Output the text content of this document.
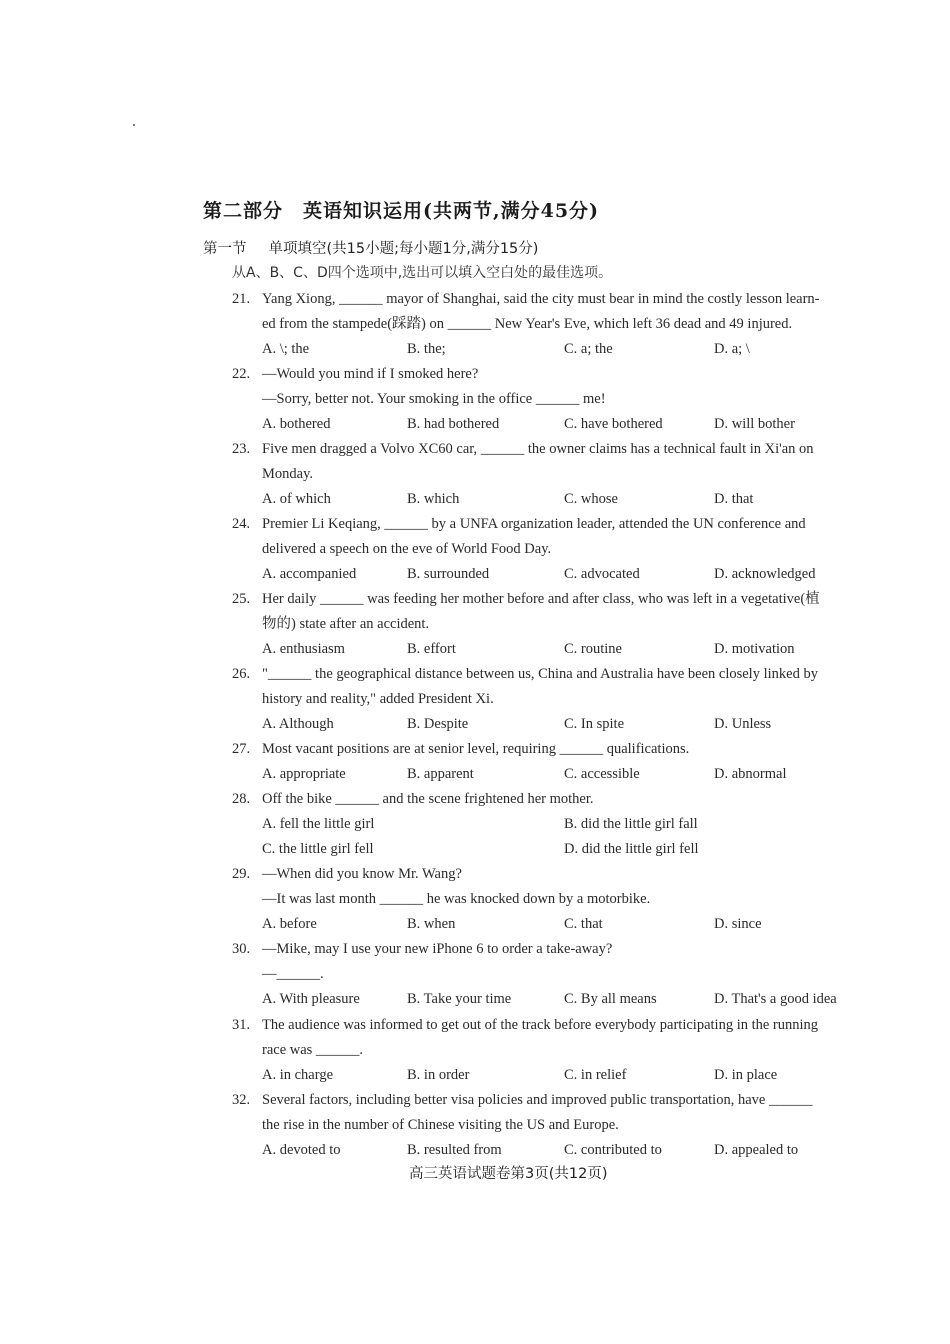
第二部分　英语知识运用(共两节,满分45分)
第一节 单项填空(共15小题;每小题1分,满分15分)
从A、B、C、D四个选项中,选出可以填入空白处的最佳选项。
21. Yang Xiong, ______ mayor of Shanghai, said the city must bear in mind the costly lesson learn-
ed from the stampede(踩踏) on ______ New Year's Eve, which left 36 dead and 49 injured.
A. \; the	B. the;	C. a; the	D. a; \
22. —Would you mind if I smoked here?
—Sorry, better not. Your smoking in the office ______ me!
A. bothered	B. had bothered	C. have bothered	D. will bother
23. Five men dragged a Volvo XC60 car, ______ the owner claims has a technical fault in Xi'an on
Monday.
A. of which	B. which	C. whose	D. that
24. Premier Li Keqiang, ______ by a UNFA organization leader, attended the UN conference and
delivered a speech on the eve of World Food Day.
A. accompanied	B. surrounded	C. advocated	D. acknowledged
25. Her daily ______ was feeding her mother before and after class, who was left in a vegetative(植
物的) state after an accident.
A. enthusiasm	B. effort	C. routine	D. motivation
26. "______ the geographical distance between us, China and Australia have been closely linked by
history and reality," added President Xi.
A. Although	B. Despite	C. In spite	D. Unless
27. Most vacant positions are at senior level, requiring ______ qualifications.
A. appropriate	B. apparent	C. accessible	D. abnormal
28. Off the bike ______ and the scene frightened her mother.
A. fell the little girl	B. did the little girl fall
C. the little girl fell	D. did the little girl fell
29. —When did you know Mr. Wang?
—It was last month ______ he was knocked down by a motorbike.
A. before	B. when	C. that	D. since
30. —Mike, may I use your new iPhone 6 to order a take-away?
—______.
A. With pleasure	B. Take your time	C. By all means	D. That's a good idea
31. The audience was informed to get out of the track before everybody participating in the running
race was ______.
A. in charge	B. in order	C. in relief	D. in place
32. Several factors, including better visa policies and improved public transportation, have ______
the rise in the number of Chinese visiting the US and Europe.
A. devoted to	B. resulted from	C. contributed to	D. appealed to
高三英语试题卷第3页(共12页)
